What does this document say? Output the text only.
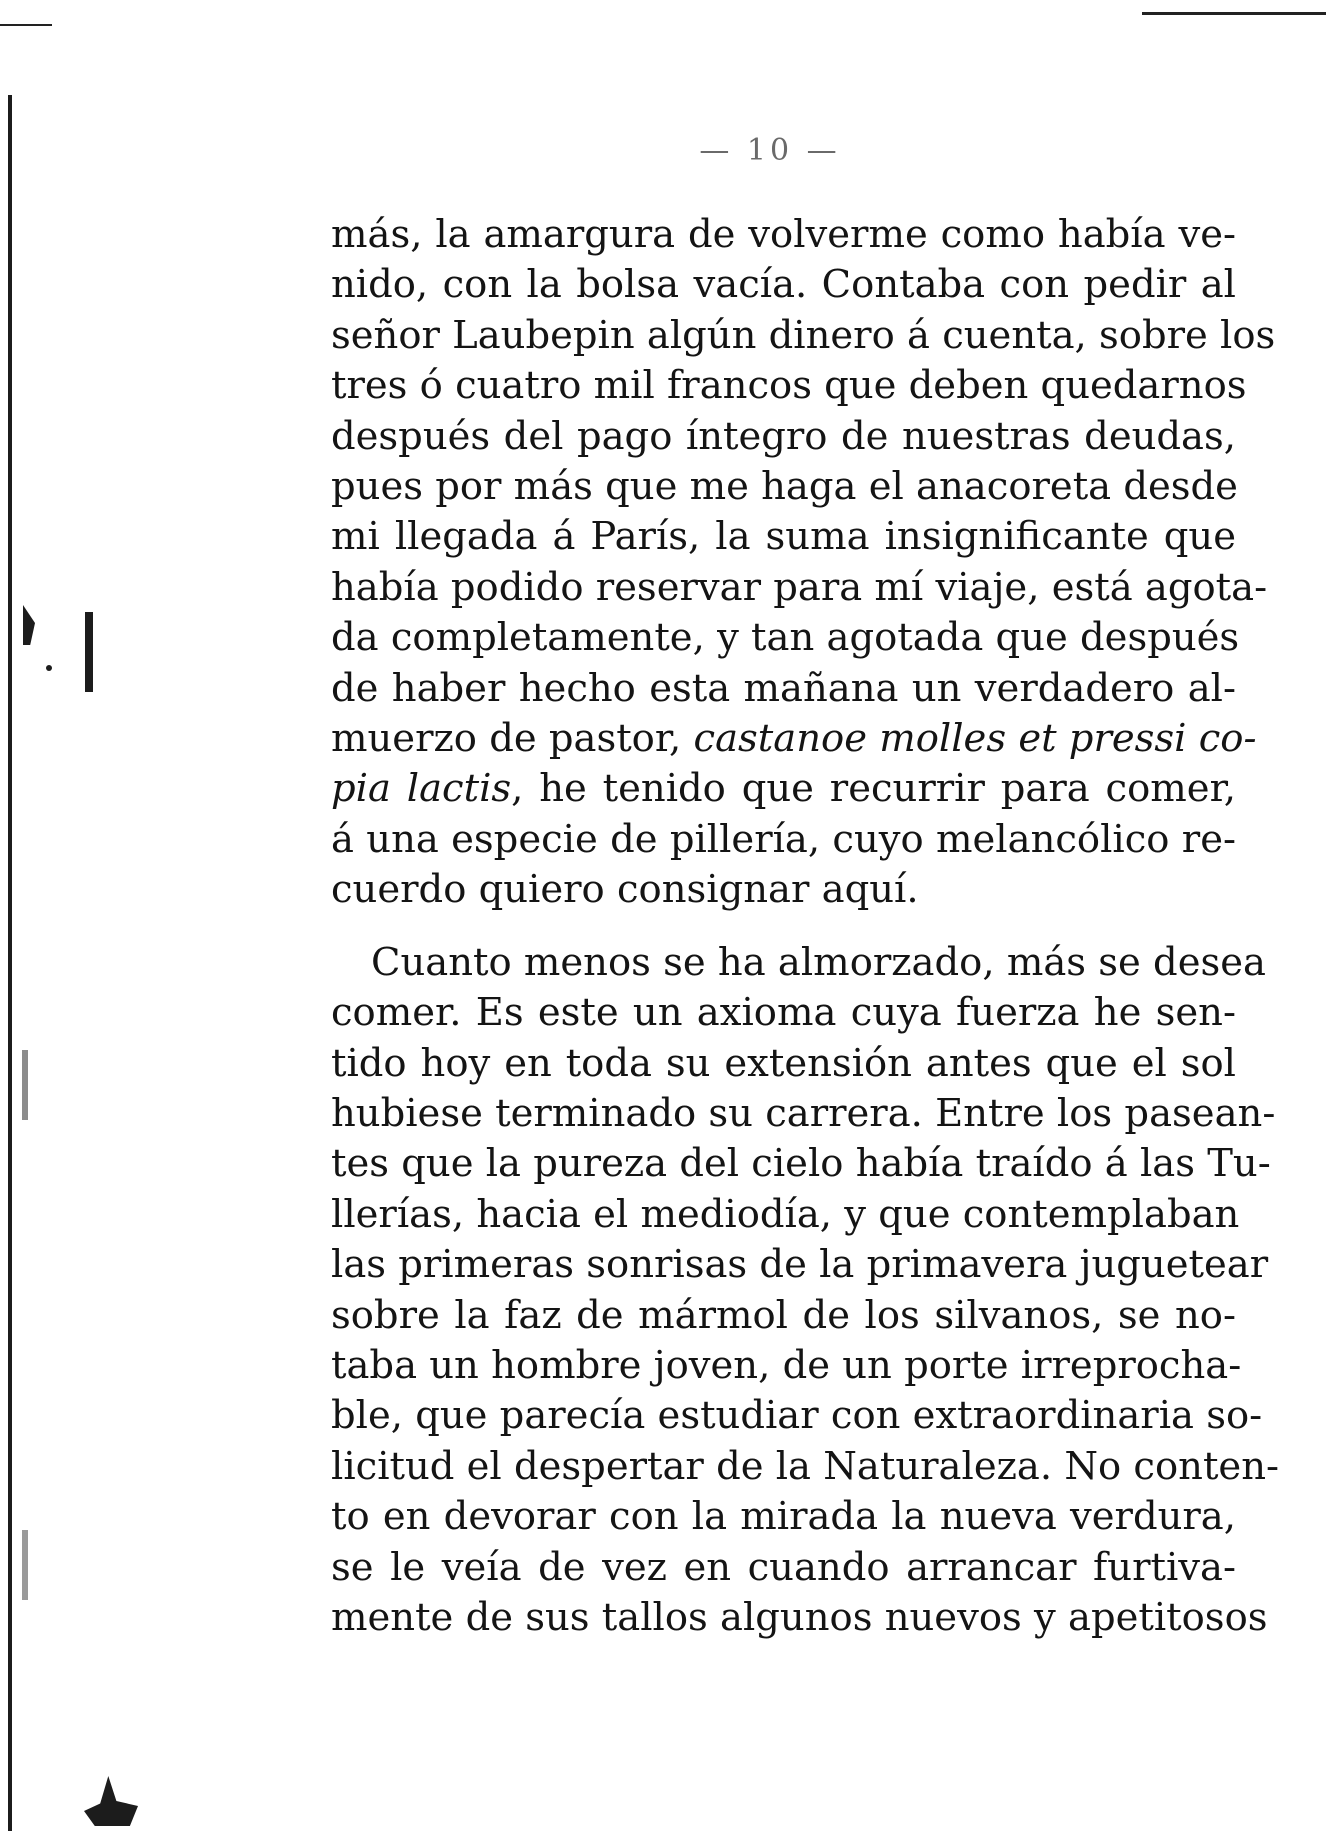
— 10 —
más, la amargura de volverme como había ve-
nido, con la bolsa vacía. Contaba con pedir al
señor Laubepin algún dinero á cuenta, sobre los
tres ó cuatro mil francos que deben quedarnos
después del pago íntegro de nuestras deudas,
pues por más que me haga el anacoreta desde
mi llegada á París, la suma insignificante que
había podido reservar para mí viaje, está agota-
da completamente, y tan agotada que después
de haber hecho esta mañana un verdadero al-
muerzo de pastor, castanoe molles et pressi co-
pia lactis, he tenido que recurrir para comer,
á una especie de pillería, cuyo melancólico re-
cuerdo quiero consignar aquí.
Cuanto menos se ha almorzado, más se desea
comer. Es este un axioma cuya fuerza he sen-
tido hoy en toda su extensión antes que el sol
hubiese terminado su carrera. Entre los pasean-
tes que la pureza del cielo había traído á las Tu-
llerías, hacia el mediodía, y que contemplaban
las primeras sonrisas de la primavera juguetear
sobre la faz de mármol de los silvanos, se no-
taba un hombre joven, de un porte irreprocha-
ble, que parecía estudiar con extraordinaria so-
licitud el despertar de la Naturaleza. No conten-
to en devorar con la mirada la nueva verdura,
se le veía de vez en cuando arrancar furtiva-
mente de sus tallos algunos nuevos y apetitosos
